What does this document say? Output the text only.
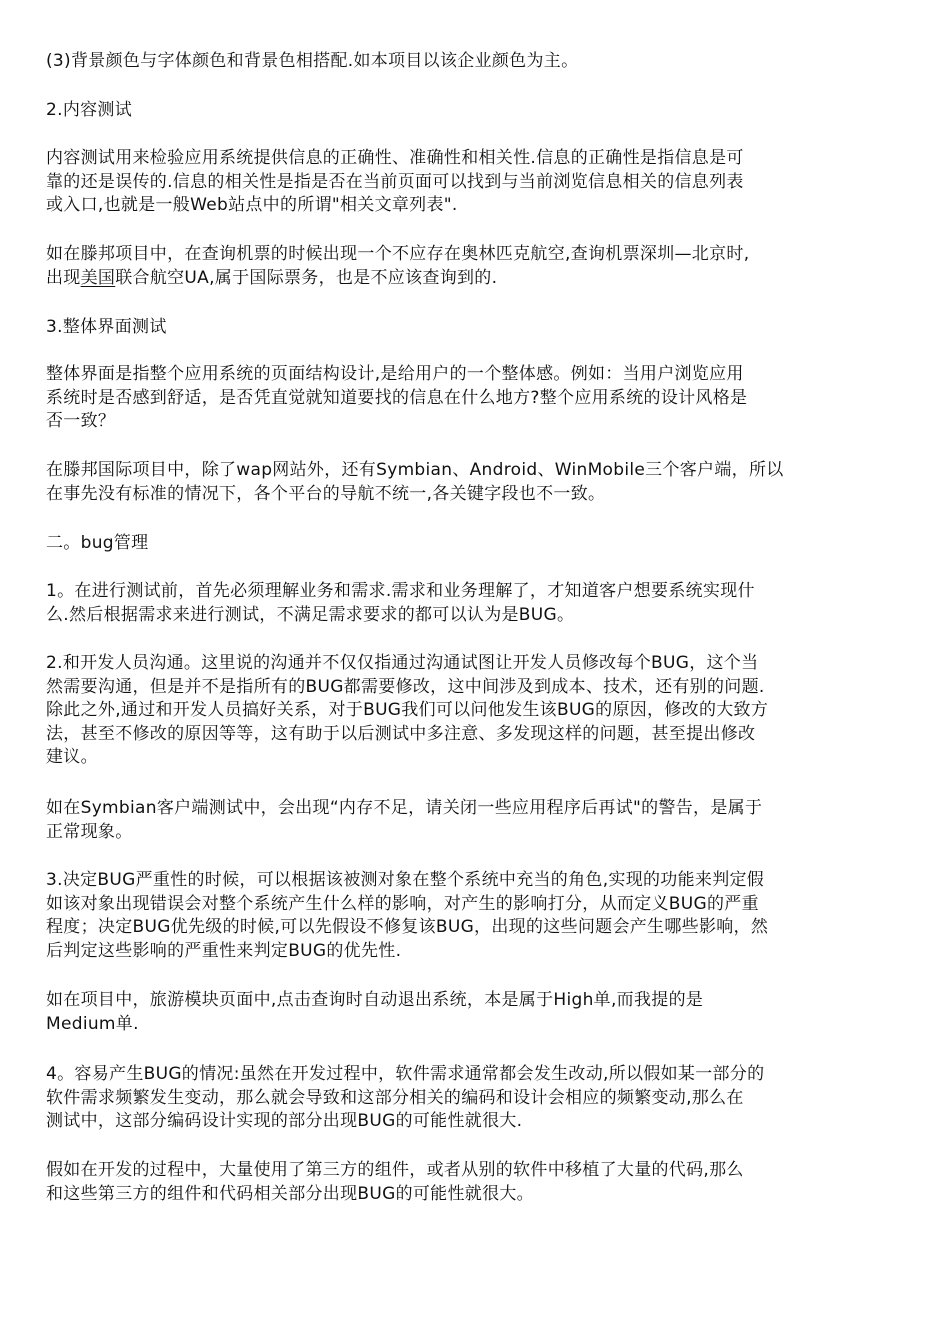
(3)背景颜色与字体颜色和背景色相搭配.如本项目以该企业颜色为主。

2.内容测试

内容测试用来检验应用系统提供信息的正确性、准确性和相关性.信息的正确性是指信息是可
靠的还是误传的.信息的相关性是指是否在当前页面可以找到与当前浏览信息相关的信息列表
或入口,也就是一般Web站点中的所谓"相关文章列表".

如在滕邦项目中，在查询机票的时候出现一个不应存在奥林匹克航空,查询机票深圳—北京时,
出现美国联合航空UA,属于国际票务，也是不应该查询到的.

3.整体界面测试

整体界面是指整个应用系统的页面结构设计,是给用户的一个整体感。例如：当用户浏览应用
系统时是否感到舒适，是否凭直觉就知道要找的信息在什么地方?整个应用系统的设计风格是
否一致？

在滕邦国际项目中，除了wap网站外，还有Symbian、Android、WinMobile三个客户端，所以
在事先没有标准的情况下，各个平台的导航不统一,各关键字段也不一致。

二。bug管理

1。在进行测试前，首先必须理解业务和需求.需求和业务理解了，才知道客户想要系统实现什
么.然后根据需求来进行测试，不满足需求要求的都可以认为是BUG。

2.和开发人员沟通。这里说的沟通并不仅仅指通过沟通试图让开发人员修改每个BUG，这个当
然需要沟通，但是并不是指所有的BUG都需要修改，这中间涉及到成本、技术，还有别的问题.
除此之外,通过和开发人员搞好关系，对于BUG我们可以问他发生该BUG的原因，修改的大致方
法，甚至不修改的原因等等，这有助于以后测试中多注意、多发现这样的问题，甚至提出修改
建议。

如在Symbian客户端测试中，会出现“内存不足，请关闭一些应用程序后再试"的警告，是属于
正常现象。

3.决定BUG严重性的时候，可以根据该被测对象在整个系统中充当的角色,实现的功能来判定假
如该对象出现错误会对整个系统产生什么样的影响，对产生的影响打分，从而定义BUG的严重
程度；决定BUG优先级的时候,可以先假设不修复该BUG，出现的这些问题会产生哪些影响，然
后判定这些影响的严重性来判定BUG的优先性.

如在项目中，旅游模块页面中,点击查询时自动退出系统，本是属于High单,而我提的是
Medium单.

4。容易产生BUG的情况:虽然在开发过程中，软件需求通常都会发生改动,所以假如某一部分的
软件需求频繁发生变动，那么就会导致和这部分相关的编码和设计会相应的频繁变动,那么在
测试中，这部分编码设计实现的部分出现BUG的可能性就很大.

假如在开发的过程中，大量使用了第三方的组件，或者从别的软件中移植了大量的代码,那么
和这些第三方的组件和代码相关部分出现BUG的可能性就很大。
